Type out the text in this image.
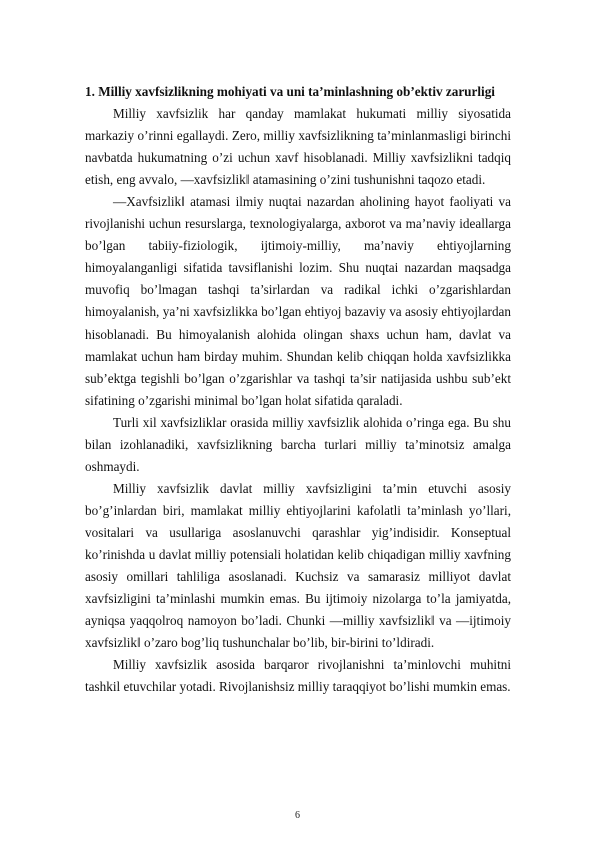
1. Milliy xavfsizlikning mohiyati va uni ta’minlashning ob’ektiv zarurligi

Milliy xavfsizlik har qanday mamlakat hukumati milliy siyosatida markaziy o’rinni egallaydi. Zero, milliy xavfsizlikning ta’minlanmasligi birinchi navbatda hukumatning o’zi uchun xavf hisoblanadi. Milliy xavfsizlikni tadqiq etish, eng avvalo, ―xavfsizlik‖ atamasining o’zini tushunishni taqozo etadi.

―Xavfsizlik‖ atamasi ilmiy nuqtai nazardan aholining hayot faoliyati va rivojlanishi uchun resurslarga, texnologiyalarga, axborot va ma’naviy ideallarga bo’lgan tabiiy-fiziologik, ijtimoiy-milliy, ma’naviy ehtiyojlarning himoyalanganligi sifatida tavsiflanishi lozim. Shu nuqtai nazardan maqsadga muvofiq bo’lmagan tashqi ta’sirlardan va radikal ichki o’zgarishlardan himoyalanish, ya’ni xavfsizlikka bo’lgan ehtiyoj bazaviy va asosiy ehtiyojlardan hisoblanadi. Bu himoyalanish alohida olingan shaxs uchun ham, davlat va mamlakat uchun ham birday muhim. Shundan kelib chiqqan holda xavfsizlikka sub’ektga tegishli bo’lgan o’zgarishlar va tashqi ta’sir natijasida ushbu sub’ekt sifatining o’zgarishi minimal bo’lgan holat sifatida qaraladi.

Turli xil xavfsizliklar orasida milliy xavfsizlik alohida o’ringa ega. Bu shu bilan izohlanadiki, xavfsizlikning barcha turlari milliy ta’minotsiz amalga oshmaydi.

Milliy xavfsizlik davlat milliy xavfsizligini ta’min etuvchi asosiy bo’g’inlardan biri, mamlakat milliy ehtiyojlarini kafolatli ta’minlash yo’llari, vositalari va usullariga asoslanuvchi qarashlar yig’indisidir. Konseptual ko’rinishda u davlat milliy potensiali holatidan kelib chiqadigan milliy xavfning asosiy omillari tahliliga asoslanadi. Kuchsiz va samarasiz milliyot davlat xavfsizligini ta’minlashi mumkin emas. Bu ijtimoiy nizolarga to’la jamiyatda, ayniqsa yaqqolroq namoyon bo’ladi. Chunki ―milliy xavfsizlik‖ va ―ijtimoiy xavfsizlik‖ o’zaro bog’liq tushunchalar bo’lib, bir-birini to’ldiradi.

Milliy xavfsizlik asosida barqaror rivojlanishni ta’minlovchi muhitni tashkil etuvchilar yotadi. Rivojlanishsiz milliy taraqqiyot bo’lishi mumkin emas.

6
